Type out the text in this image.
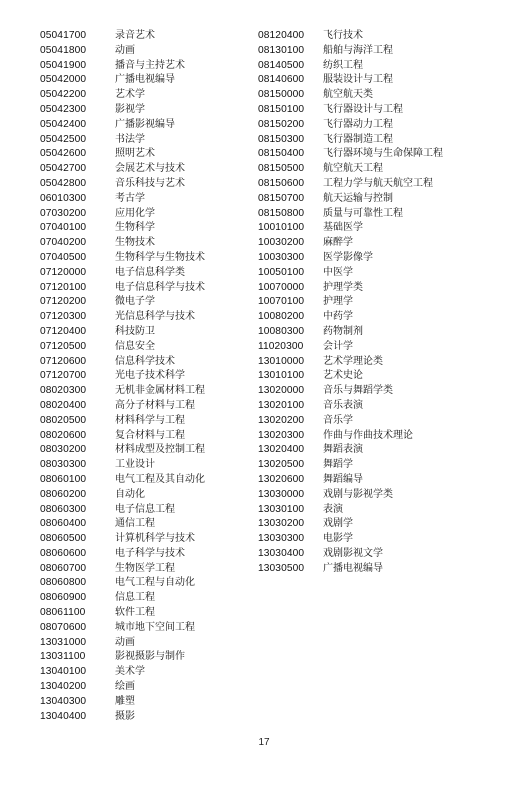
05041700	录音艺术
05041800	动画
05041900	播音与主持艺术
05042000	广播电视编导
05042200	艺术学
05042300	影视学
05042400	广播影视编导
05042500	书法学
05042600	照明艺术
05042700	会展艺术与技术
05042800	音乐科技与艺术
06010300	考古学
07030200	应用化学
07040100	生物科学
07040200	生物技术
07040500	生物科学与生物技术
07120000	电子信息科学类
07120100	电子信息科学与技术
07120200	微电子学
07120300	光信息科学与技术
07120400	科技防卫
07120500	信息安全
07120600	信息科学技术
07120700	光电子技术科学
08020300	无机非金属材料工程
08020400	高分子材料与工程
08020500	材料科学与工程
08020600	复合材料与工程
08030200	材料成型及控制工程
08030300	工业设计
08060100	电气工程及其自动化
08060200	自动化
08060300	电子信息工程
08060400	通信工程
08060500	计算机科学与技术
08060600	电子科学与技术
08060700	生物医学工程
08060800	电气工程与自动化
08060900	信息工程
08061100	软件工程
08070600	城市地下空间工程
13031000	动画
13031100	影视摄影与制作
13040100	美术学
13040200	绘画
13040300	雕塑
13040400	摄影
08120400 飞行技术
08130100 船舶与海洋工程
08140500 纺织工程
08140600 服装设计与工程
08150000 航空航天类
08150100 飞行器设计与工程
08150200 飞行器动力工程
08150300 飞行器制造工程
08150400 飞行器环境与生命保障工程
08150500 航空航天工程
08150600 工程力学与航天航空工程
08150700 航天运输与控制
08150800 质量与可靠性工程
10010100 基础医学
10030200 麻醉学
10030300 医学影像学
10050100 中医学
10070000 护理学类
10070100 护理学
10080200 中药学
10080300 药物制剂
11020300 会计学
13010000 艺术学理论类
13010100 艺术史论
13020000 音乐与舞蹈学类
13020100 音乐表演
13020200 音乐学
13020300 作曲与作曲技术理论
13020400 舞蹈表演
13020500 舞蹈学
13020600 舞蹈编导
13030000 戏剧与影视学类
13030100 表演
13030200 戏剧学
13030300 电影学
13030400 戏剧影视文学
13030500 广播电视编导
17
